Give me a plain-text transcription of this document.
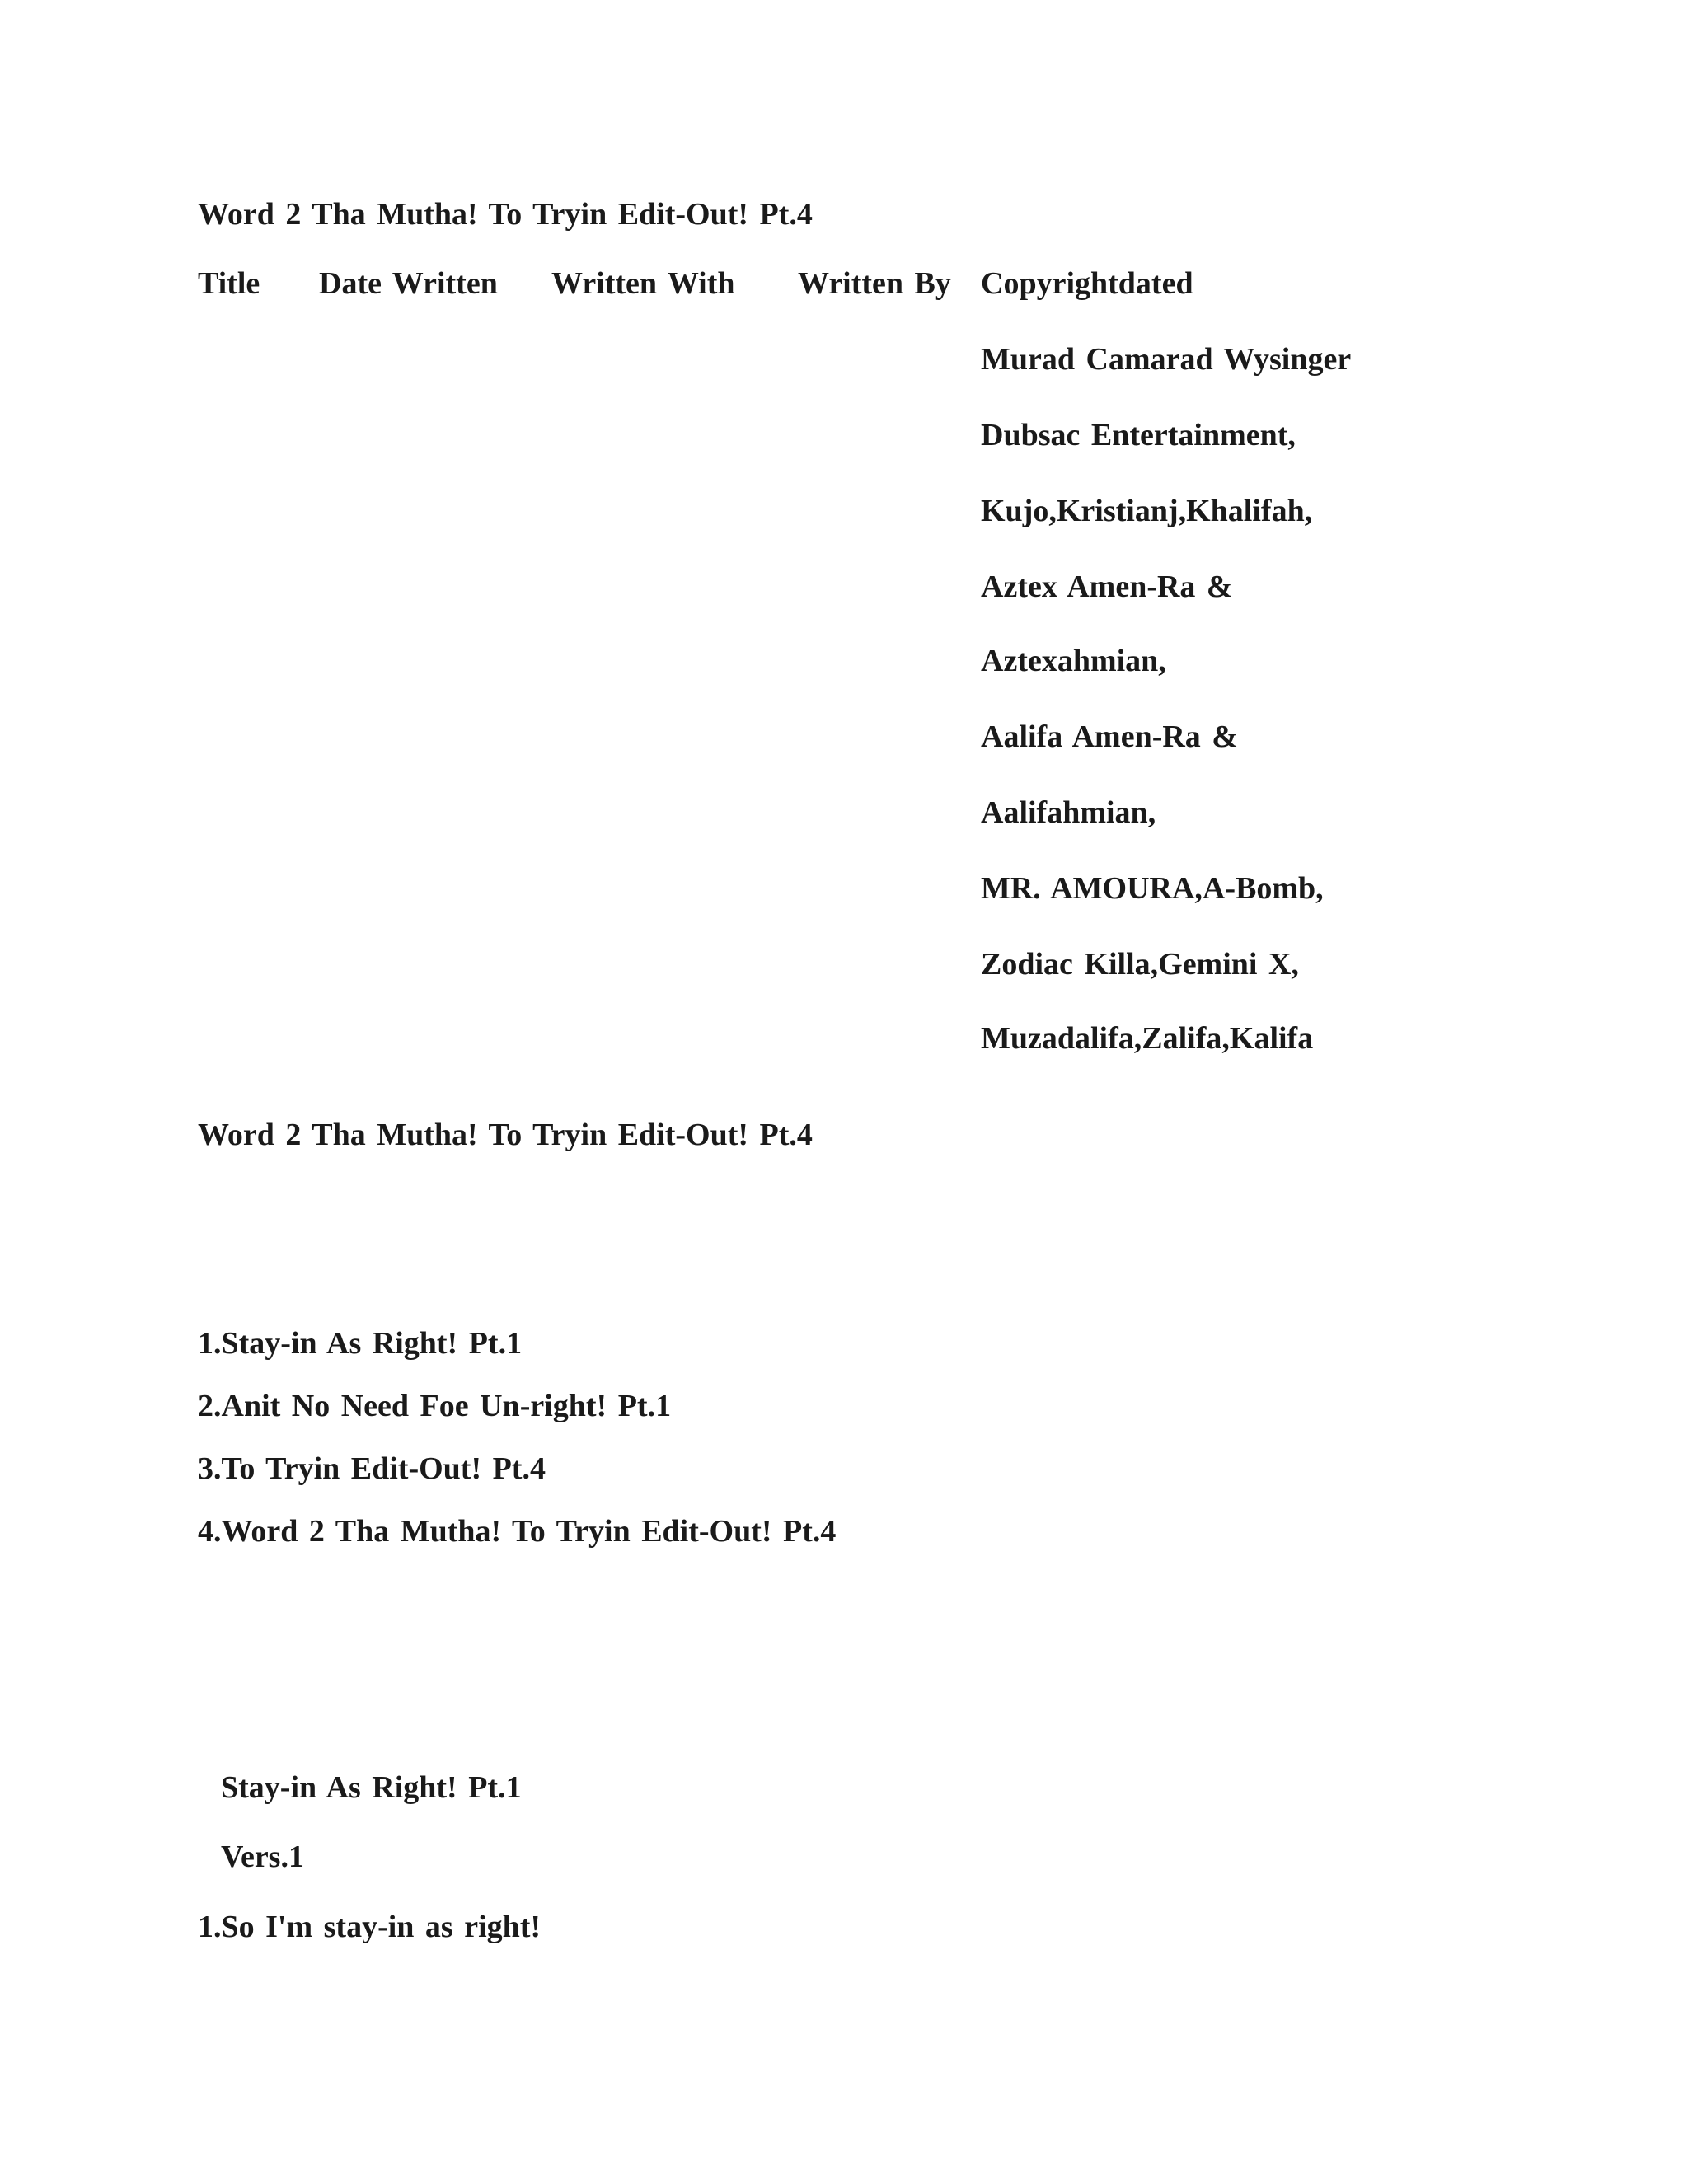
Word 2 Tha Mutha! To Tryin Edit-Out! Pt.4
Title Date Written Written With Written By Copyrightdated
Murad Camarad Wysinger
Dubsac Entertainment,
Kujo,Kristianj,Khalifah,
Aztex Amen-Ra &
Aztexahmian,
Aalifa Amen-Ra &
Aalifahmian,
MR. AMOURA,A-Bomb,
Zodiac Killa,Gemini X,
Muzadalifa,Zalifa,Kalifa
Word 2 Tha Mutha! To Tryin Edit-Out! Pt.4
1.Stay-in As Right! Pt.1
2.Anit No Need Foe Un-right! Pt.1
3.To Tryin Edit-Out! Pt.4
4.Word 2 Tha Mutha! To Tryin Edit-Out! Pt.4
Stay-in As Right! Pt.1
Vers.1
1.So I'm stay-in as right!
